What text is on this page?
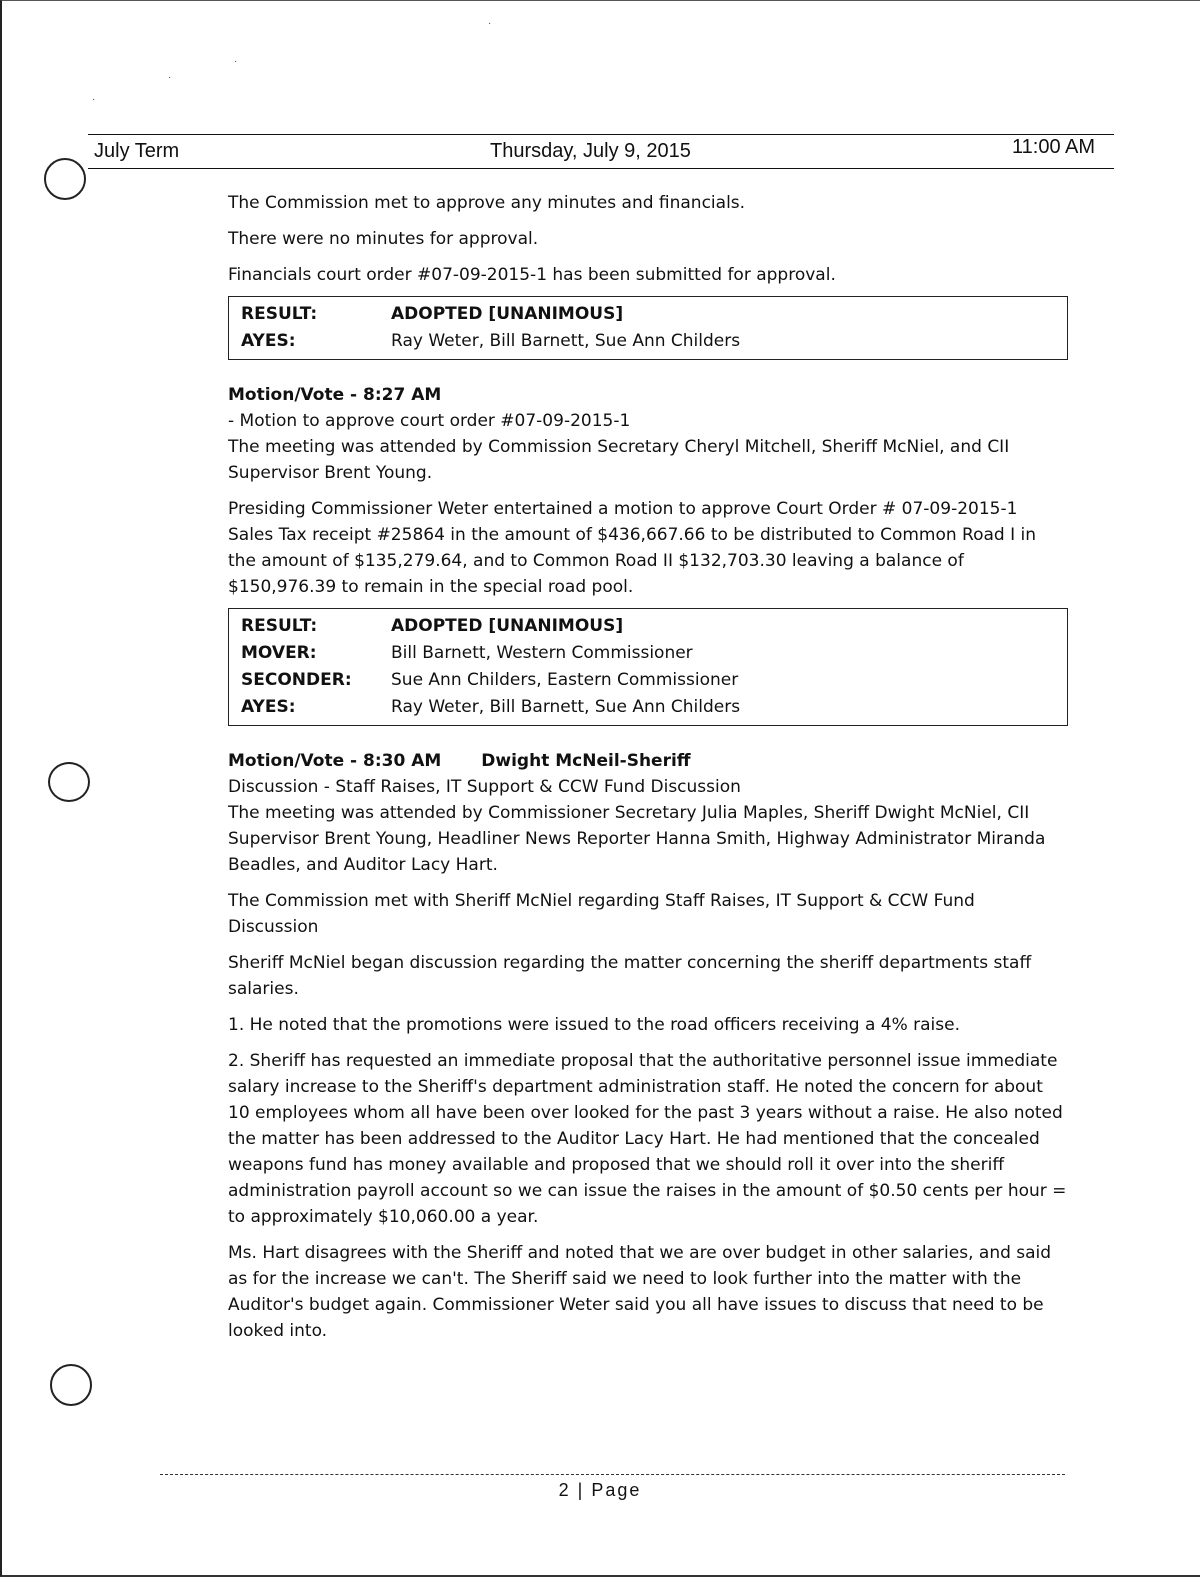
·
·
·
·
July Term	Thursday, July 9, 2015	11:00 AM

The Commission met to approve any minutes and financials.

There were no minutes for approval.

Financials court order #07-09-2015-1 has been submitted for approval.

RESULT:	ADOPTED [UNANIMOUS]
AYES:	Ray Weter, Bill Barnett, Sue Ann Childers

Motion/Vote - 8:27 AM

- Motion to approve court order #07-09-2015-1

The meeting was attended by Commission Secretary Cheryl Mitchell, Sheriff McNiel, and CII Supervisor Brent Young.

Presiding Commissioner Weter entertained a motion to approve Court Order # 07-09-2015-1 Sales Tax receipt #25864 in the amount of $436,667.66 to be distributed to Common Road I in the amount of $135,279.64, and to Common Road II $132,703.30 leaving a balance of $150,976.39 to remain in the special road pool.

RESULT:	ADOPTED [UNANIMOUS]
MOVER:	Bill Barnett, Western Commissioner
SECONDER:	Sue Ann Childers, Eastern Commissioner
AYES:	Ray Weter, Bill Barnett, Sue Ann Childers

Motion/Vote - 8:30 AM Dwight McNeil-Sheriff

Discussion - Staff Raises, IT Support & CCW Fund Discussion

The meeting was attended by Commissioner Secretary Julia Maples, Sheriff Dwight McNiel, CII Supervisor Brent Young, Headliner News Reporter Hanna Smith, Highway Administrator Miranda Beadles, and Auditor Lacy Hart.

The Commission met with Sheriff McNiel regarding Staff Raises, IT Support & CCW Fund Discussion

Sheriff McNiel began discussion regarding the matter concerning the sheriff departments staff salaries.

1. He noted that the promotions were issued to the road officers receiving a 4% raise.

2. Sheriff has requested an immediate proposal that the authoritative personnel issue immediate salary increase to the Sheriff's department administration staff. He noted the concern for about 10 employees whom all have been over looked for the past 3 years without a raise. He also noted the matter has been addressed to the Auditor Lacy Hart. He had mentioned that the concealed weapons fund has money available and proposed that we should roll it over into the sheriff administration payroll account so we can issue the raises in the amount of $0.50 cents per hour = to approximately $10,060.00 a year.

Ms. Hart disagrees with the Sheriff and noted that we are over budget in other salaries, and said as for the increase we can't. The Sheriff said we need to look further into the matter with the Auditor's budget again. Commissioner Weter said you all have issues to discuss that need to be looked into.

2 | Page
